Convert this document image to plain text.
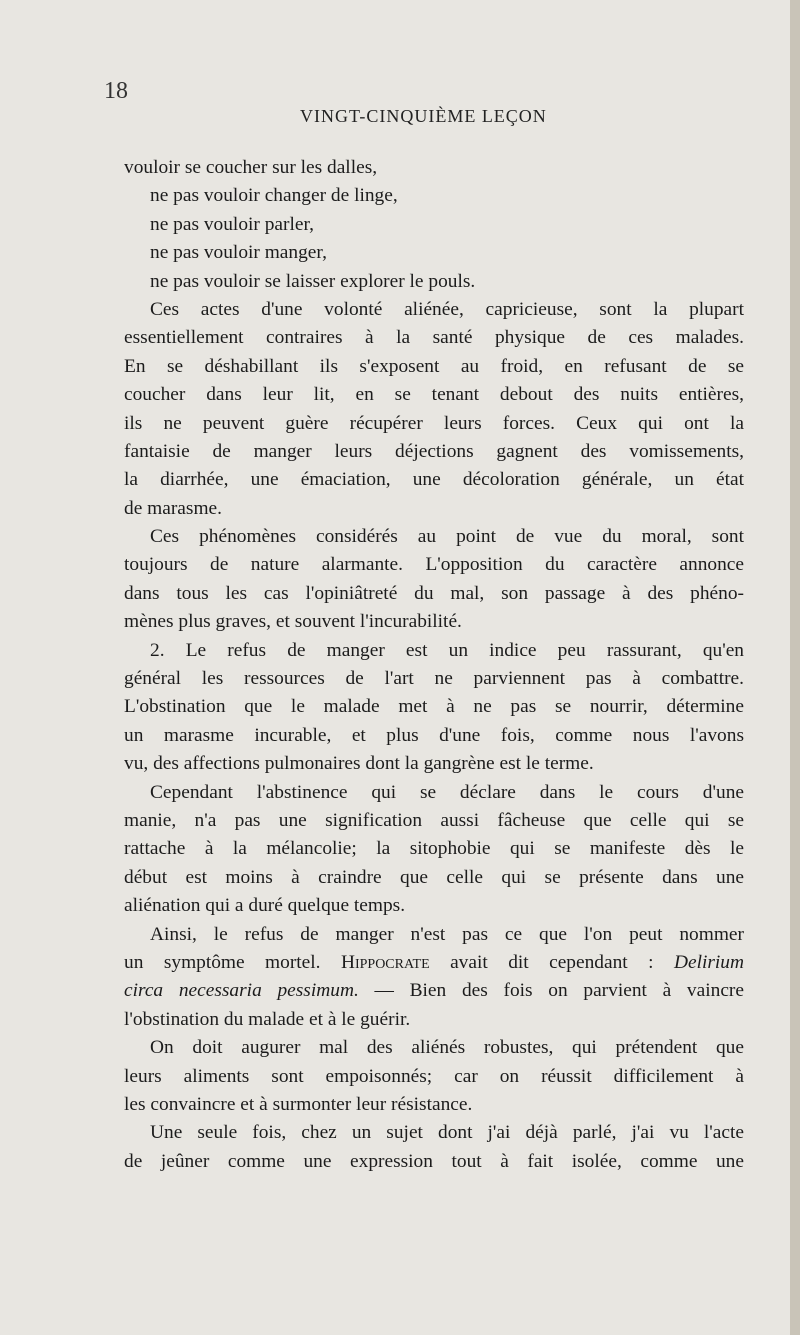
18
VINGT-CINQUIÈME LEÇON
vouloir se coucher sur les dalles,
ne pas vouloir changer de linge,
ne pas vouloir parler,
ne pas vouloir manger,
ne pas vouloir se laisser explorer le pouls.
Ces actes d'une volonté aliénée, capricieuse, sont la plupart
essentiellement contraires à la santé physique de ces malades.
En se déshabillant ils s'exposent au froid, en refusant de se
coucher dans leur lit, en se tenant debout des nuits entières,
ils ne peuvent guère récupérer leurs forces. Ceux qui ont la
fantaisie de manger leurs déjections gagnent des vomissements,
la diarrhée, une émaciation, une décoloration générale, un état
de marasme.
Ces phénomènes considérés au point de vue du moral, sont
toujours de nature alarmante. L'opposition du caractère annonce
dans tous les cas l'opiniâtreté du mal, son passage à des phéno-
mènes plus graves, et souvent l'incurabilité.
2. Le refus de manger est un indice peu rassurant, qu'en
général les ressources de l'art ne parviennent pas à combattre.
L'obstination que le malade met à ne pas se nourrir, détermine
un marasme incurable, et plus d'une fois, comme nous l'avons
vu, des affections pulmonaires dont la gangrène est le terme.
Cependant l'abstinence qui se déclare dans le cours d'une
manie, n'a pas une signification aussi fâcheuse que celle qui se
rattache à la mélancolie; la sitophobie qui se manifeste dès le
début est moins à craindre que celle qui se présente dans une
aliénation qui a duré quelque temps.
Ainsi, le refus de manger n'est pas ce que l'on peut nommer
un symptôme mortel. Hippocrate avait dit cependant : Delirium
circa necessaria pessimum. — Bien des fois on parvient à vaincre
l'obstination du malade et à le guérir.
On doit augurer mal des aliénés robustes, qui prétendent que
leurs aliments sont empoisonnés; car on réussit difficilement à
les convaincre et à surmonter leur résistance.
Une seule fois, chez un sujet dont j'ai déjà parlé, j'ai vu l'acte
de jeûner comme une expression tout à fait isolée, comme une
